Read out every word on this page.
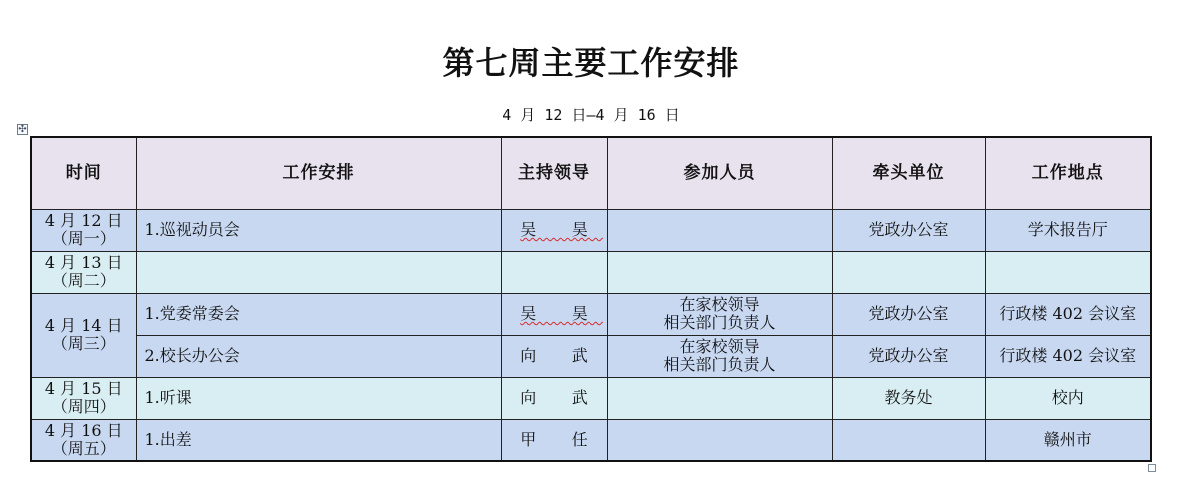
第七周主要工作安排
4 月 12 日—4 月 16 日
✣
时间	工作安排	主持领导	参加人员	牵头单位	工作地点

4 月 12 日
（周一）	1.巡视动员会	吴 昊		党政办公室	学术报告厅

4 月 13 日
（周二）					

4 月 14 日
（周三）	1.党委常委会	吴 昊	在家校领导
相关部门负责人	党政办公室	行政楼 402 会议室
	2.校长办公会	向 武	在家校领导
相关部门负责人	党政办公室	行政楼 402 会议室

4 月 15 日
（周四）	1.听课	向 武		教务处	校内

4 月 16 日
（周五）	1.出差	甲 任			赣州市
